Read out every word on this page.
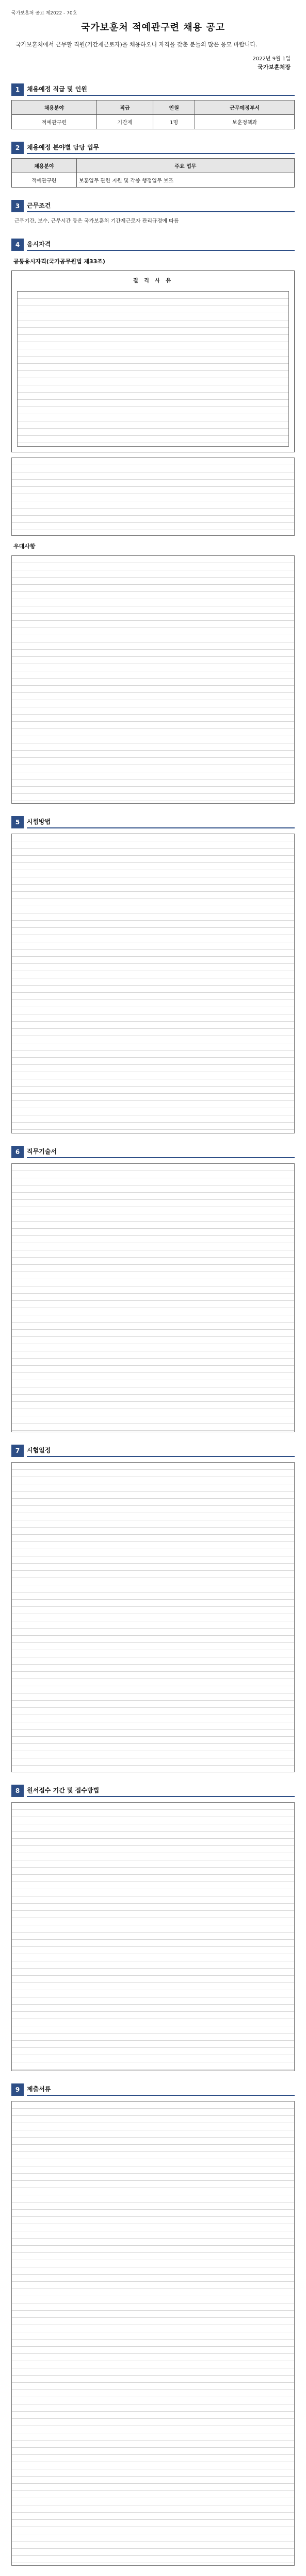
국가보훈처 공고 제2022 - 70호
국가보훈처 적예관구련 채용 공고
국가보훈처에서 근무할 직원(기간제근로자)을 채용하오니 자격을 갖춘 분들의 많은 응모 바랍니다.
2022년 9월 1일
국가보훈처장
1	채용예정 직급 및 인원
채용분야	직급	인원	근무예정부서
적예관구련	기간제	1명	보훈정책과
2	채용예정 분야별 담당 업무
채용분야	주요 업무
적예관구련	보훈업무 관련 지원 및 각종 행정업무 보조
3	근무조건
근무기간, 보수, 근무시간 등은 국가보훈처 기간제근로자 관리규정에 따름
4	응시자격
공통응시자격(국가공무원법 제33조)
결 격 사 유
우대사항
5	시험방법
6	직무기술서
7	시험일정
8	원서접수 기간 및 접수방법
9	제출서류
